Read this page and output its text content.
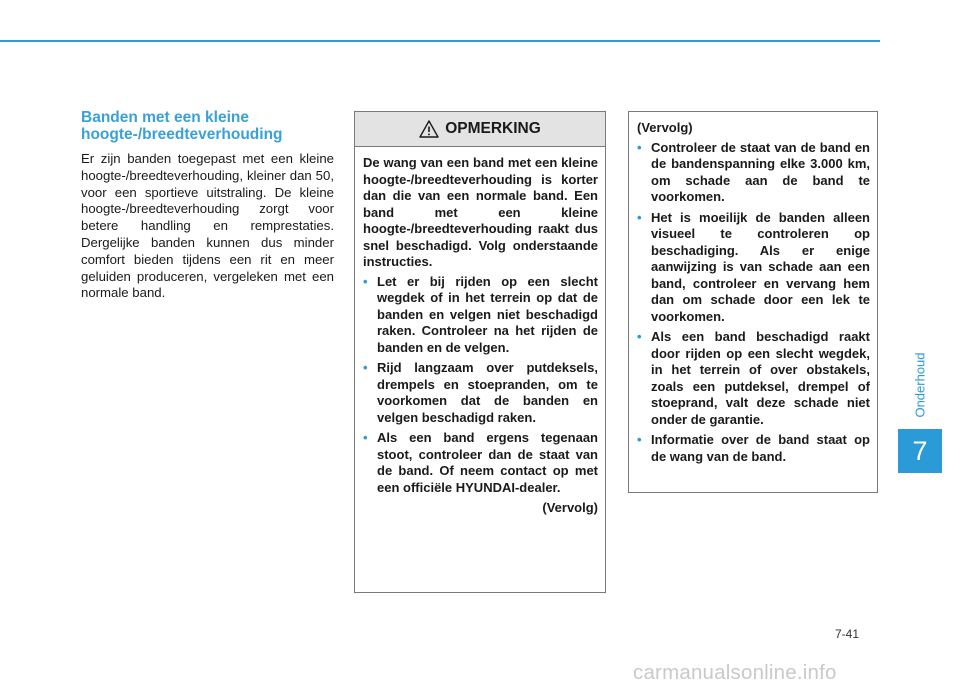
Banden met een kleine hoogte-/breedteverhouding

Er zijn banden toegepast met een kleine hoogte-/breedteverhouding, kleiner dan 50, voor een sportieve uitstraling. De kleine hoogte-/breedteverhouding zorgt voor betere handling en remprestaties. Dergelijke banden kunnen dus minder comfort bieden tijdens een rit en meer geluiden produceren, vergeleken met een normale band.

OPMERKING

De wang van een band met een kleine hoogte-/breedteverhouding is korter dan die van een normale band. Een band met een kleine hoogte-/breedteverhouding raakt dus snel beschadigd. Volg onderstaande instructies.

• Let er bij rijden op een slecht wegdek of in het terrein op dat de banden en velgen niet beschadigd raken. Controleer na het rijden de banden en de velgen.
• Rijd langzaam over putdeksels, drempels en stoepranden, om te voorkomen dat de banden en velgen beschadigd raken.
• Als een band ergens tegenaan stoot, controleer dan de staat van de band. Of neem contact op met een officiële HYUNDAI-dealer.

(Vervolg)

(Vervolg)

• Controleer de staat van de band en de bandenspanning elke 3.000 km, om schade aan de band te voorkomen.
• Het is moeilijk de banden alleen visueel te controleren op beschadiging. Als er enige aanwijzing is van schade aan een band, controleer en vervang hem dan om schade door een lek te voorkomen.
• Als een band beschadigd raakt door rijden op een slecht wegdek, in het terrein of over obstakels, zoals een putdeksel, drempel of stoeprand, valt deze schade niet onder de garantie.
• Informatie over de band staat op de wang van de band.
Onderhoud
7
7-41
carmanualsonline.info
